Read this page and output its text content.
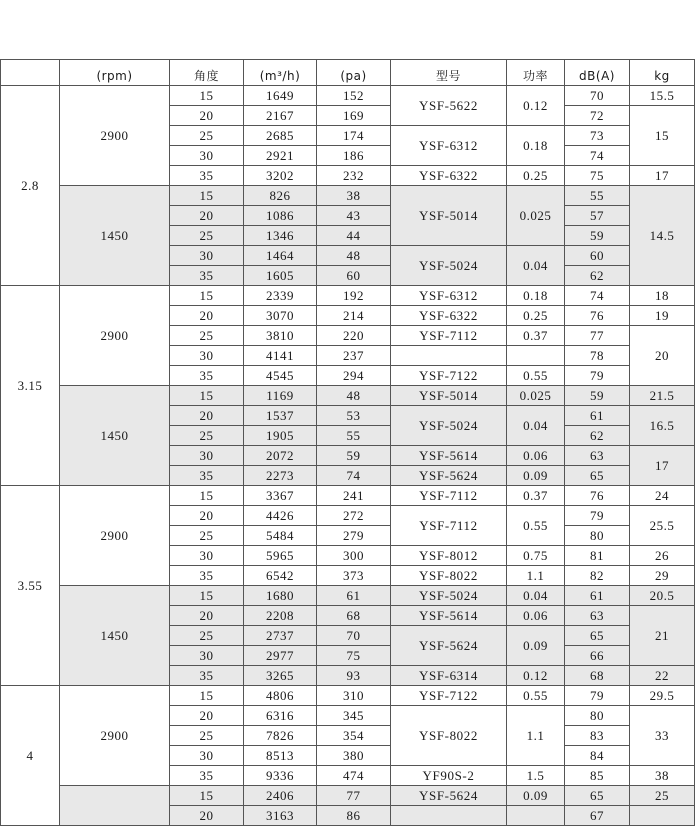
	(rpm)	角度	(m³/h)	(pa)	型号	功率	dB(A)	kg
2.8	2900	15	1649	152	YSF-5622	0.12	70	15.5
		20	2167	169			72	15
		25	2685	174	YSF-6312	0.18	73	
		30	2921	186			74	
		35	3202	232	YSF-6322	0.25	75	17
	1450	15	826	38	YSF-5014	0.025	55	14.5
		20	1086	43			57	
		25	1346	44			59	
		30	1464	48	YSF-5024	0.04	60	
		35	1605	60			62	
3.15	2900	15	2339	192	YSF-6312	0.18	74	18
		20	3070	214	YSF-6322	0.25	76	19
		25	3810	220	YSF-7112	0.37	77	20
		30	4141	237			78	
		35	4545	294	YSF-7122	0.55	79	
	1450	15	1169	48	YSF-5014	0.025	59	21.5
		20	1537	53	YSF-5024	0.04	61	16.5
		25	1905	55			62	
		30	2072	59	YSF-5614	0.06	63	17
		35	2273	74	YSF-5624	0.09	65	
3.55	2900	15	3367	241	YSF-7112	0.37	76	24
		20	4426	272	YSF-7112	0.55	79	25.5
		25	5484	279			80	
		30	5965	300	YSF-8012	0.75	81	26
		35	6542	373	YSF-8022	1.1	82	29
	1450	15	1680	61	YSF-5024	0.04	61	20.5
		20	2208	68	YSF-5614	0.06	63	21
		25	2737	70	YSF-5624	0.09	65	
		30	2977	75			66	
		35	3265	93	YSF-6314	0.12	68	22
4	2900	15	4806	310	YSF-7122	0.55	79	29.5
		20	6316	345	YSF-8022	1.1	80	33
		25	7826	354			83	
		30	8513	380			84	
		35	9336	474	YF90S-2	1.5	85	38
		15	2406	77	YSF-5624	0.09	65	25
		20	3163	86			67	
